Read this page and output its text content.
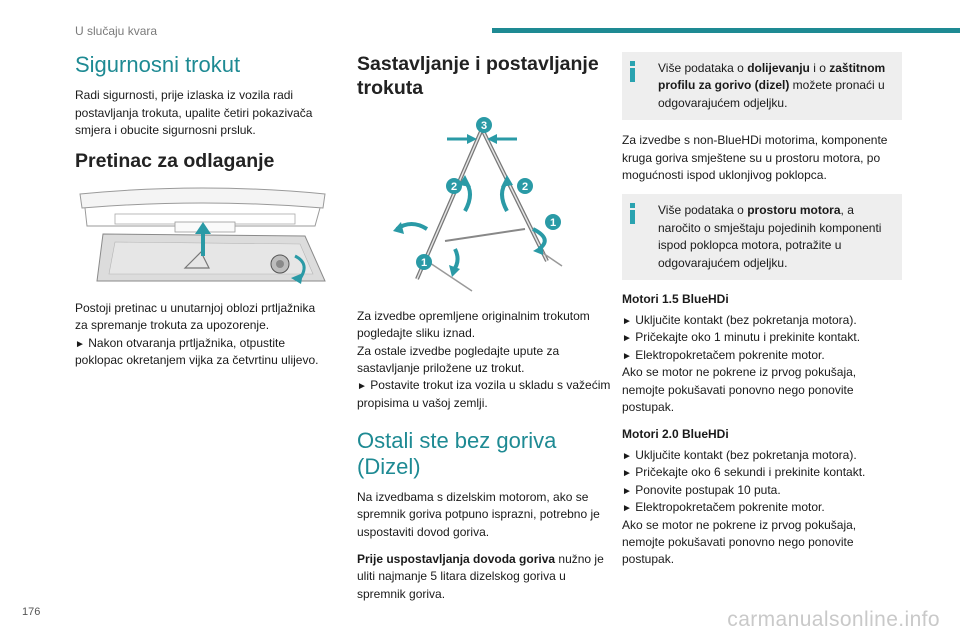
U slučaju kvara
Sigurnosni trokut

Radi sigurnosti, prije izlaska iz vozila radi postavljanja trokuta, upalite četiri pokazivača smjera i obucite sigurnosni prsluk.

Pretinac za odlaganje

Postoji pretinac u unutarnjoj oblozi prtljažnika za spremanje trokuta za upozorenje.

► Nakon otvaranja prtljažnika, otpustite poklopac okretanjem vijka za četvrtinu ulijevo.

Sastavljanje i postavljanje trokuta
3
2	2
1
1

Za izvedbe opremljene originalnim trokutom pogledajte sliku iznad.

Za ostale izvedbe pogledajte upute za sastavljanje priložene uz trokut.

► Postavite trokut iza vozila u skladu s važećim propisima u vašoj zemlji.

Ostali ste bez goriva (Dizel)

Na izvedbama s dizelskim motorom, ako se spremnik goriva potpuno isprazni, potrebno je uspostaviti dovod goriva.

Prije uspostavljanja dovoda goriva nužno je uliti najmanje 5 litara dizelskog goriva u spremnik goriva.

Više podataka o dolijevanju i o zaštitnom profilu za gorivo (dizel) možete pronaći u odgovarajućem odjeljku.

Za izvedbe s non-BlueHDi motorima, komponente kruga goriva smještene su u prostoru motora, po mogućnosti ispod uklonjivog poklopca.

Više podataka o prostoru motora, a naročito o smještaju pojedinih komponenti ispod poklopca motora, potražite u odgovarajućem odjeljku.

Motori 1.5 BlueHDi

► Uključite kontakt (bez pokretanja motora).

► Pričekajte oko 1 minutu i prekinite kontakt.

► Elektropokretačem pokrenite motor.

Ako se motor ne pokrene iz prvog pokušaja, nemojte pokušavati ponovno nego ponovite postupak.

Motori 2.0 BlueHDi

► Uključite kontakt (bez pokretanja motora).

► Pričekajte oko 6 sekundi i prekinite kontakt.

► Ponovite postupak 10 puta.

► Elektropokretačem pokrenite motor.

Ako se motor ne pokrene iz prvog pokušaja, nemojte pokušavati ponovno nego ponovite postupak.

176	carmanualsonline.info
